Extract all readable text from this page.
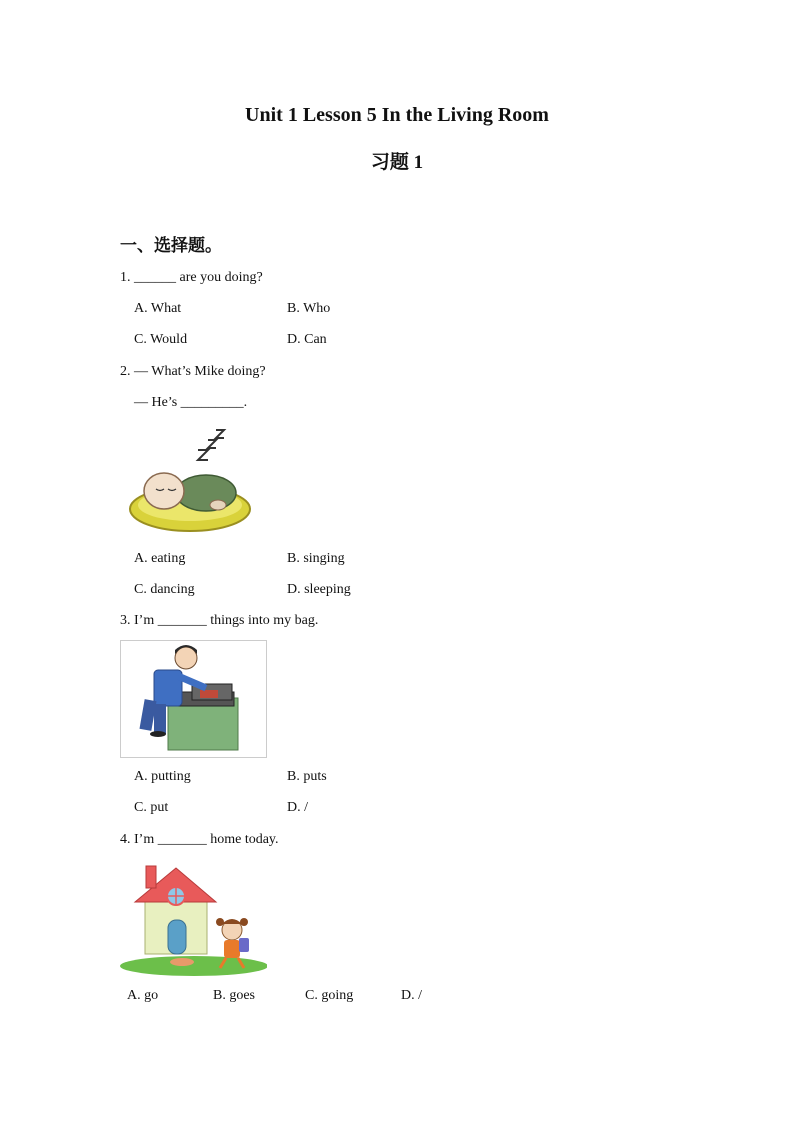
Unit 1 Lesson 5 In the Living Room
习题 1
一、选择题。
1. ______ are you doing?
A. What	B. Who
C. Would	D. Can
2. — What’s Mike doing?
— He’s _________.
A. eating	B. singing
C. dancing	D. sleeping
3. I’m _______ things into my bag.
A. putting	B. puts
C. put	D. /
4. I’m _______ home today.
A. go	B. goes	C. going	D. /
